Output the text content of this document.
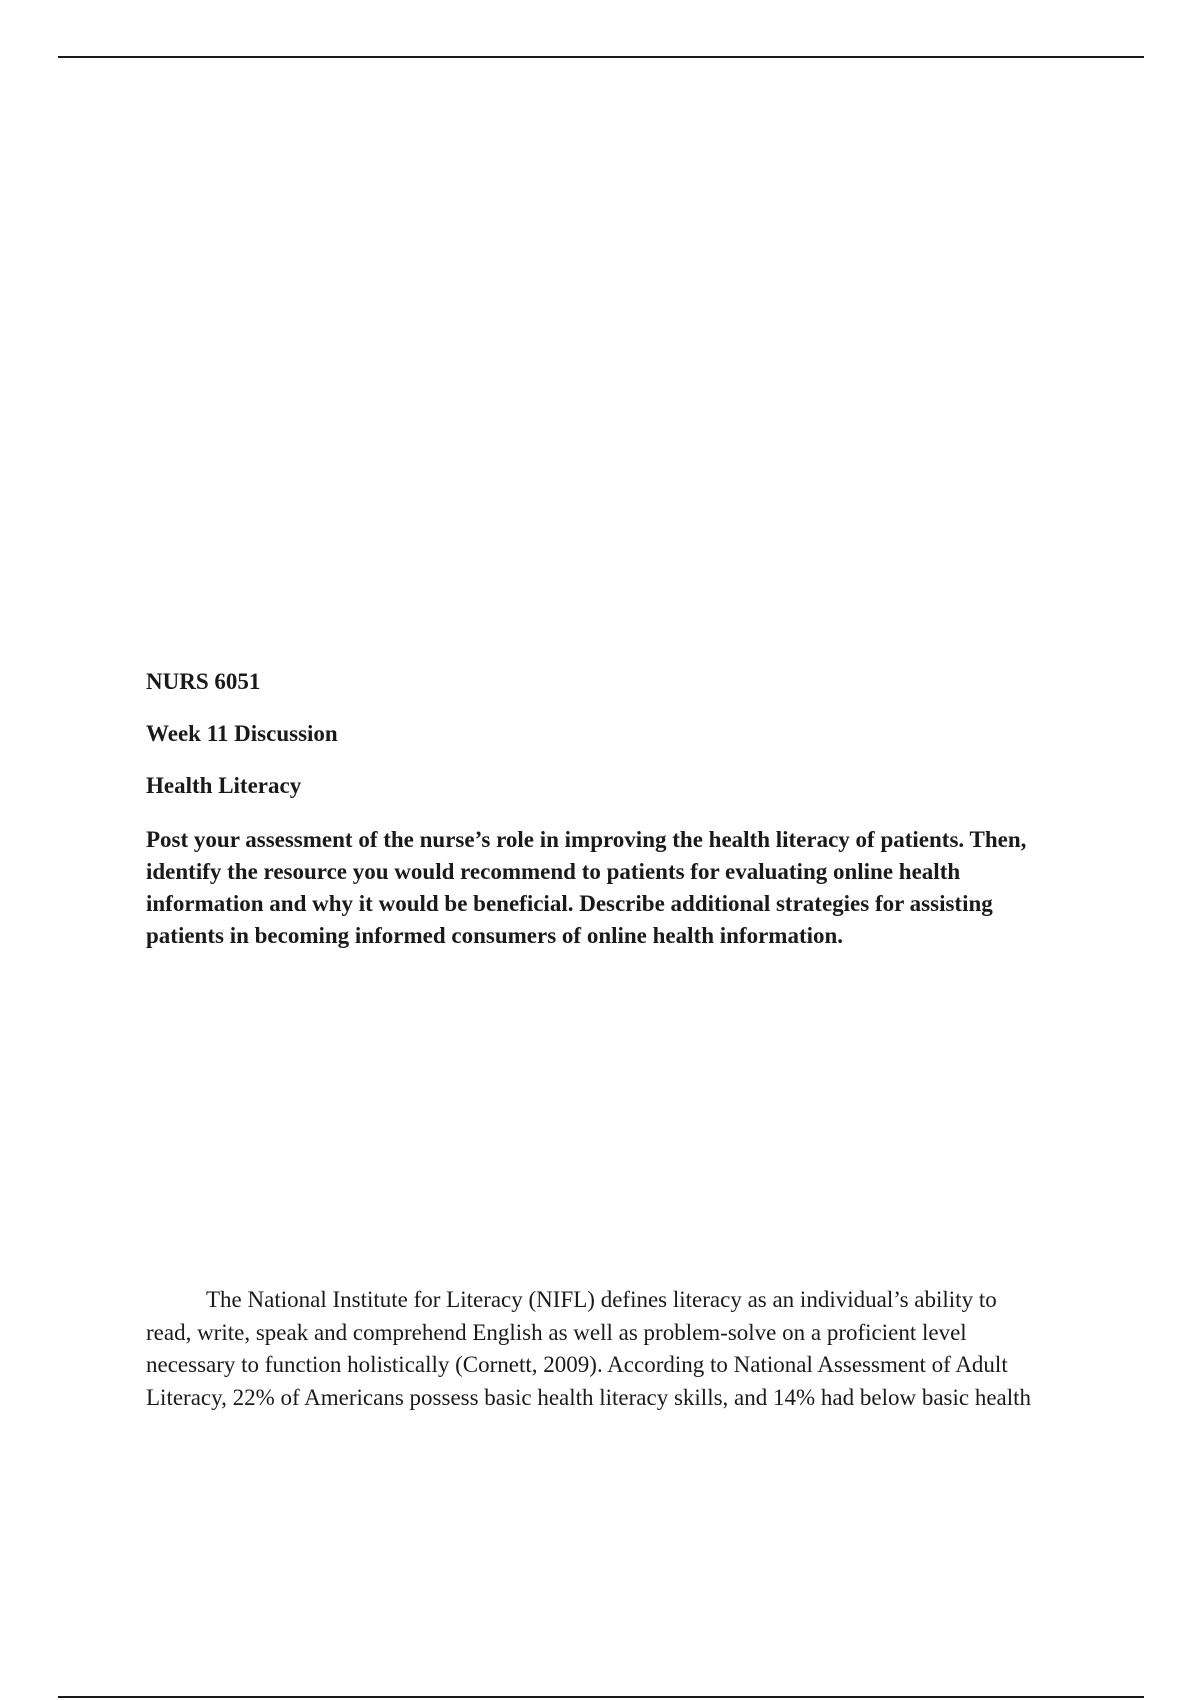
NURS 6051
Week 11 Discussion
Health Literacy
Post your assessment of the nurse’s role in improving the health literacy of patients. Then,
identify the resource you would recommend to patients for evaluating online health
information and why it would be beneficial. Describe additional strategies for assisting
patients in becoming informed consumers of online health information.
The National Institute for Literacy (NIFL) defines literacy as an individual’s ability to
read, write, speak and comprehend English as well as problem-solve on a proficient level
necessary to function holistically (Cornett, 2009). According to National Assessment of Adult
Literacy, 22% of Americans possess basic health literacy skills, and 14% had below basic health
